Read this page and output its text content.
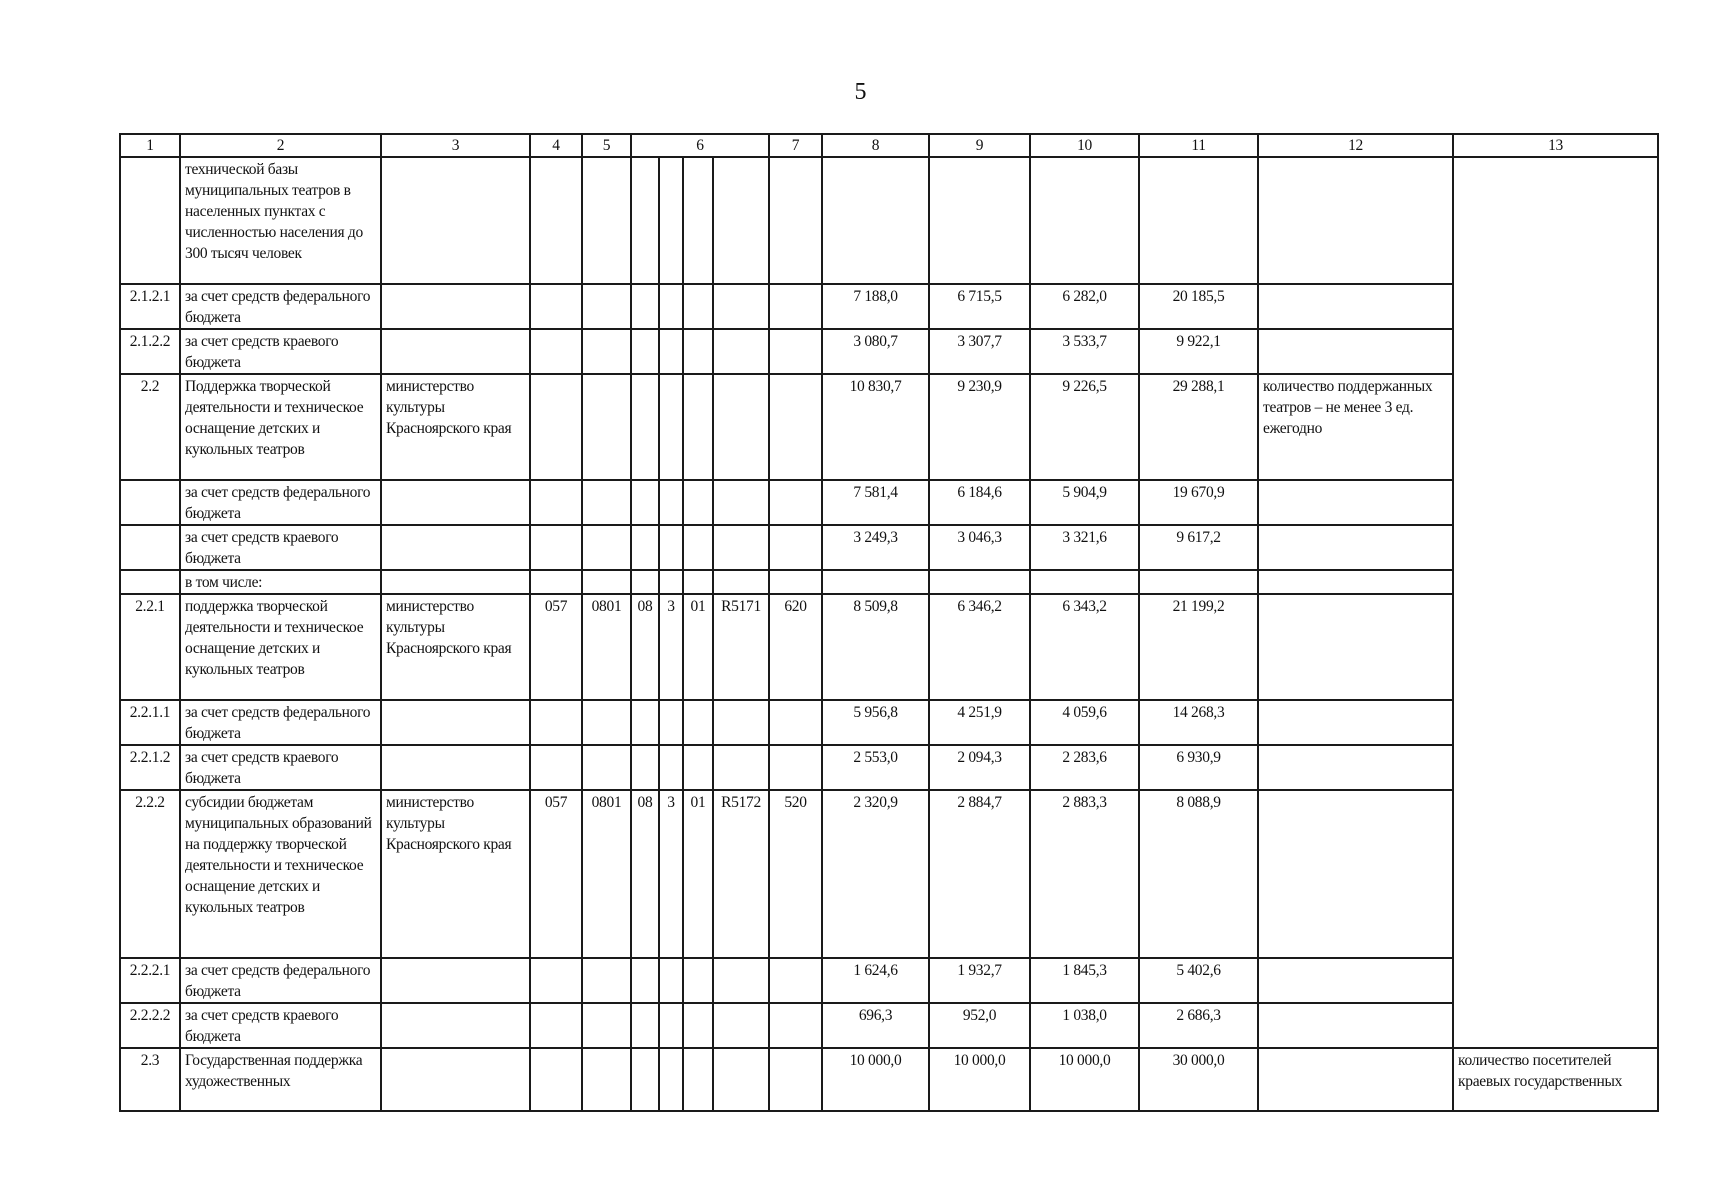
5
1	2	3	4	5	6				7	8	9	10	11	12	13
	технической базы муниципальных театров в населенных пунктах с численностью населения до 300 тысяч человек														
2.1.2.1	за счет средств федерального бюджета									7 188,0	6 715,5	6 282,0	20 185,5		
2.1.2.2	за счет средств краевого бюджета									3 080,7	3 307,7	3 533,7	9 922,1		
2.2	Поддержка творческой деятельности и техническое оснащение детских и кукольных театров	министерство культуры Красноярского края								10 830,7	9 230,9	9 226,5	29 288,1	количество поддержанных театров – не менее 3 ед. ежегодно	
	за счет средств федерального бюджета									7 581,4	6 184,6	5 904,9	19 670,9		
	за счет средств краевого бюджета									3 249,3	3 046,3	3 321,6	9 617,2		
	в том числе:														
2.2.1	поддержка творческой деятельности и техническое оснащение детских и кукольных театров	министерство культуры Красноярского края	057	0801	08	3	01	R5171	620	8 509,8	6 346,2	6 343,2	21 199,2		
2.2.1.1	за счет средств федерального бюджета									5 956,8	4 251,9	4 059,6	14 268,3		
2.2.1.2	за счет средств краевого бюджета									2 553,0	2 094,3	2 283,6	6 930,9		
2.2.2	субсидии бюджетам муниципальных образований на поддержку творческой деятельности и техническое оснащение детских и кукольных театров	министерство культуры Красноярского края	057	0801	08	3	01	R5172	520	2 320,9	2 884,7	2 883,3	8 088,9		
2.2.2.1	за счет средств федерального бюджета									1 624,6	1 932,7	1 845,3	5 402,6		
2.2.2.2	за счет средств краевого бюджета									696,3	952,0	1 038,0	2 686,3		
2.3	Государственная поддержка художественных									10 000,0	10 000,0	10 000,0	30 000,0		количество посетителей краевых государственных
